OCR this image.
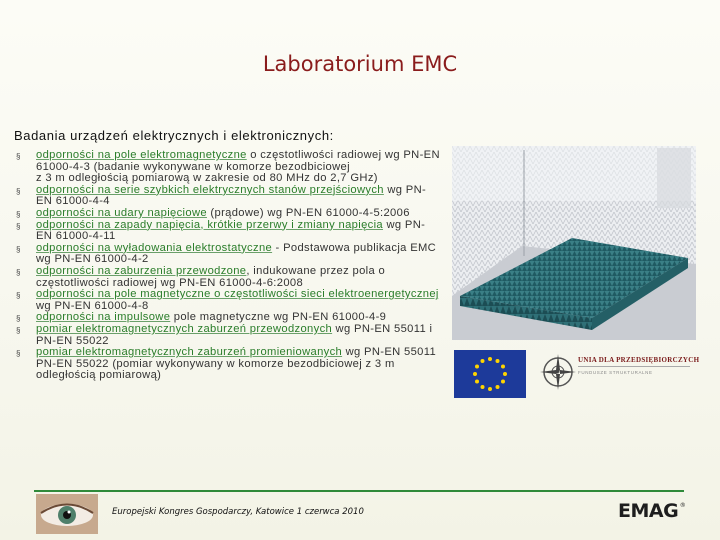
Laboratorium EMC
Badania urządzeń elektrycznych i elektronicznych:
§ odporności na pole elektromagnetyczne o częstotliwości radiowej wg PN-EN 61000-4-3 (badanie wykonywane w komorze bezodbiciowej
z 3 m odległością pomiarową w zakresie od 80 MHz do 2,7 GHz)
§ odporności na serie szybkich elektrycznych stanów przejściowych wg PN-EN 61000-4-4
§ odporności na udary napięciowe (prądowe) wg PN-EN 61000-4-5:2006
§ odporności na zapady napięcia, krótkie przerwy i zmiany napięcia wg PN-EN 61000-4-11
§ odporności na wyładowania elektrostatyczne - Podstawowa publikacja EMC wg PN-EN 61000-4-2
§ odporności na zaburzenia przewodzone, indukowane przez pola o częstotliwości radiowej wg PN-EN 61000-4-6:2008
§ odporności na pole magnetyczne o częstotliwości sieci elektroenergetycznej wg PN-EN 61000-4-8
§ odporności na impulsowe pole magnetyczne wg PN-EN 61000-4-9
§ pomiar elektromagnetycznych zaburzeń przewodzonych wg PN-EN 55011 i PN-EN 55022
§ pomiar elektromagnetycznych zaburzeń promieniowanych wg PN-EN 55011 PN-EN 55022 (pomiar wykonywany w komorze bezodbiciowej z 3 m odległością pomiarową)
UNIA DLA PRZEDSIĘBIORCZYCH
FUNDUSZE STRUKTURALNE
Europejski Kongres Gospodarczy, Katowice 1 czerwca 2010	EMAG ®
